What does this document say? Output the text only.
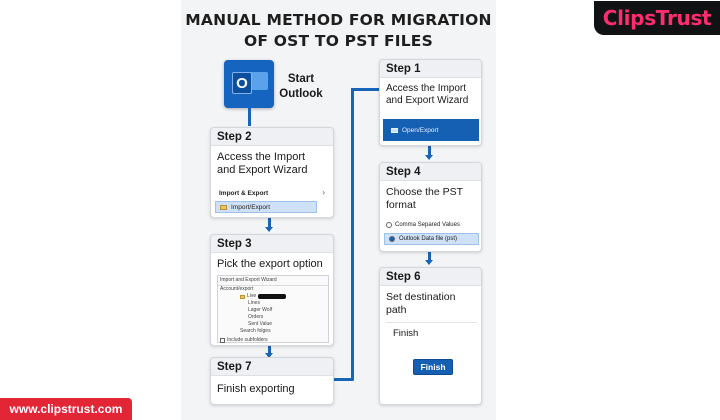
MANUAL METHOD FOR MIGRATION
OF OST TO PST FILES
ClipsTrust
www.clipstrust.com
O	Start
Outlook
Step 2
Access the Import
and Export Wizard
Import & Export	›
Import/Export
Step 3
Pick the export option
Import and Export Wizard
Account/export
Live
Lines
Lager Wolf
Orders
Sent Value
Search folges
Include subfolders
Step 7
Finish exporting
Step 1
Access the Import
and Export Wizard
Open/Export
Step 4
Choose the PST
format
Comma Separed Values
Outlook Data file (pst)
Step 6
Set destination
path
Finish
Finish
